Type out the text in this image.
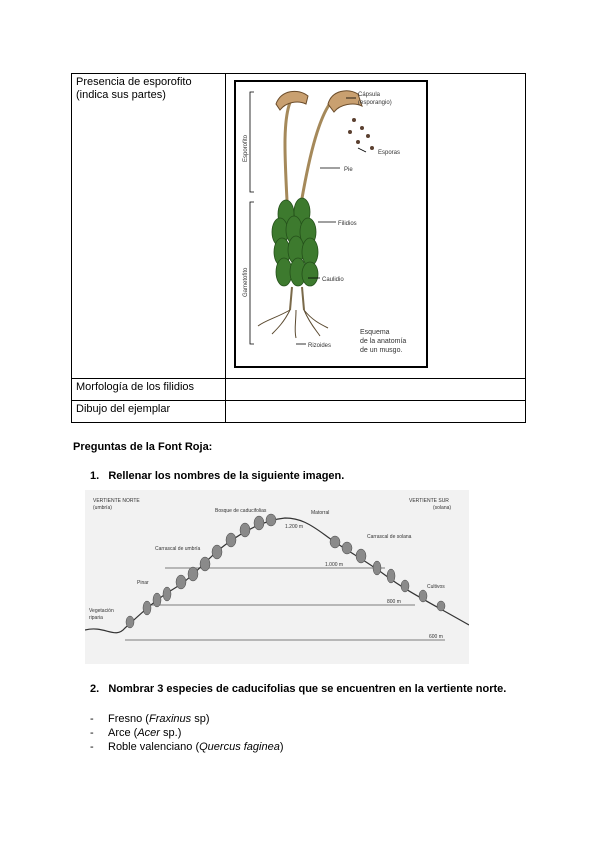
Presencia de esporofito (indica sus partes)	
Morfología de los filidios	
Dibujo del ejemplar	
Cápsula
(esporangio)
Esporas
Pie
Filidios
Caulidio
Rizoides
Esporofito
Gametofito
Esquema
de la anatomía
de un musgo.
Preguntas de la Font Roja:
1. Rellenar los nombres de la siguiente imagen.
VERTIENTE NORTE
(umbría)
VERTIENTE SUR
(solana)
Bosque de caducifolias	Matorral
1.200 m
Carrascal de umbría
Carrascal de solana
Pinar
Vegetación
riparia
Cultivos
1.000 m
800 m
600 m
2. Nombrar 3 especies de caducifolias que se encuentren en la vertiente norte.
- Fresno (Fraxinus sp)
- Arce (Acer sp.)
- Roble valenciano (Quercus faginea)
